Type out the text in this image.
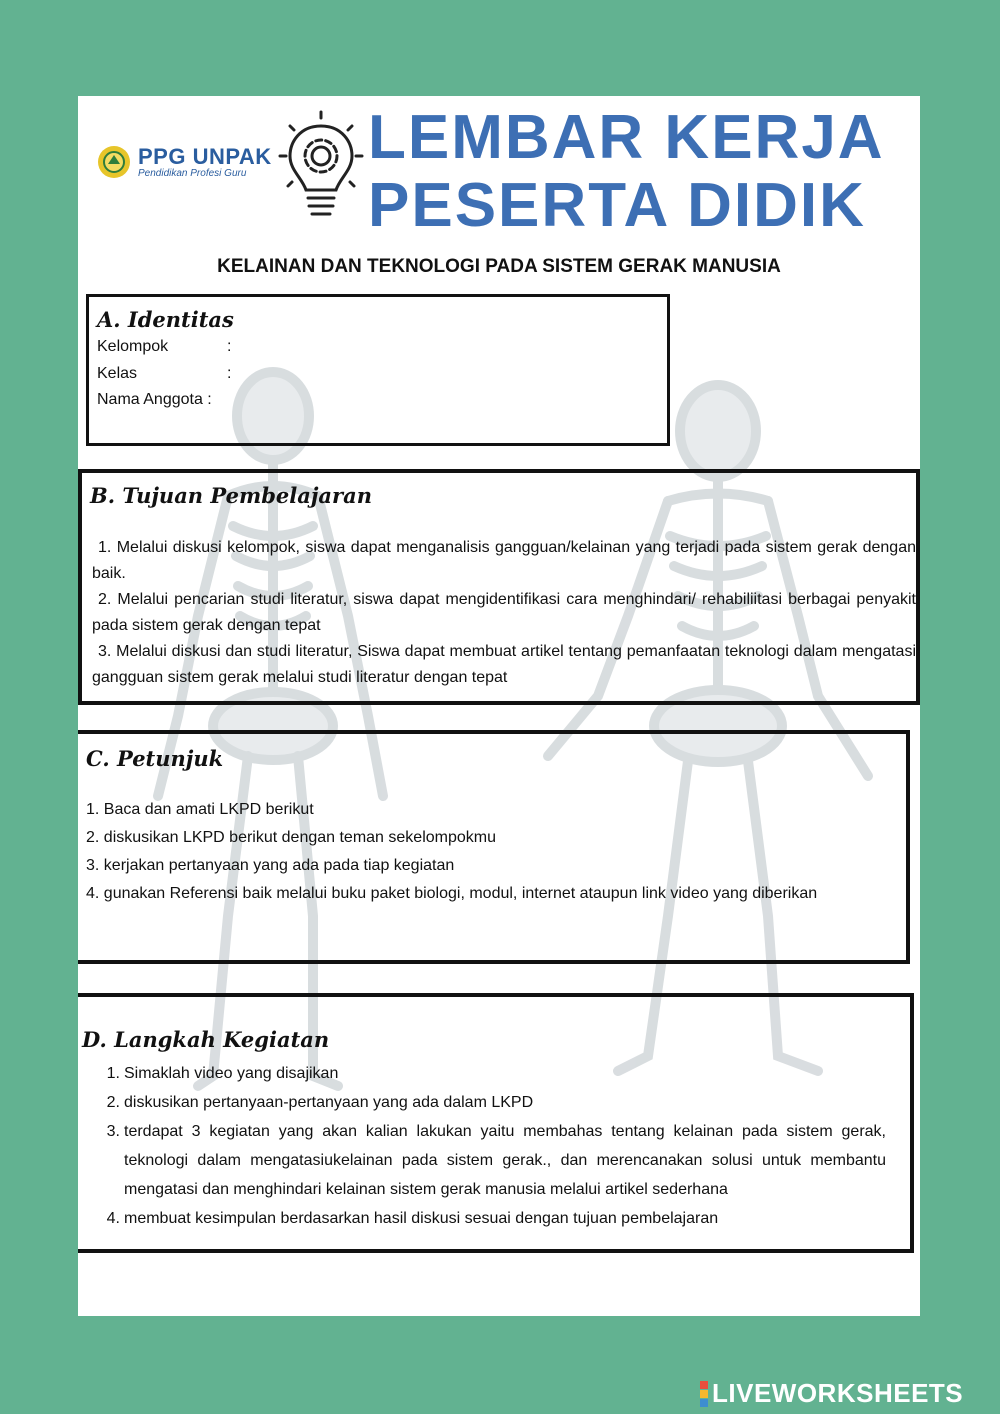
PPG UNPAK
Pendidikan Profesi Guru
LEMBAR KERJA
PESERTA DIDIK
KELAINAN DAN TEKNOLOGI PADA SISTEM GERAK MANUSIA
A. Identitas
Kelompok	:
Kelas	:
Nama Anggota :
B. Tujuan Pembelajaran
1. Melalui diskusi kelompok, siswa dapat menganalisis gangguan/kelainan yang terjadi pada sistem gerak dengan baik.
2. Melalui pencarian studi literatur, siswa dapat mengidentifikasi cara menghindari/ rehabiliitasi berbagai penyakit pada sistem gerak dengan tepat
3. Melalui diskusi dan studi literatur, Siswa dapat membuat artikel tentang pemanfaatan teknologi dalam mengatasi gangguan sistem gerak melalui studi literatur dengan tepat
C. Petunjuk
1. Baca dan amati LKPD berikut
2. diskusikan LKPD berikut dengan teman sekelompokmu
3. kerjakan pertanyaan yang ada pada tiap kegiatan
4. gunakan Referensi baik melalui buku paket biologi, modul, internet ataupun link video yang diberikan
D. Langkah Kegiatan
1. Simaklah video yang disajikan
2. diskusikan pertanyaan-pertanyaan yang ada dalam LKPD
3. terdapat 3 kegiatan yang akan kalian lakukan yaitu membahas tentang kelainan pada sistem gerak, teknologi dalam mengatasiukelainan pada sistem gerak., dan merencanakan solusi untuk membantu mengatasi dan menghindari kelainan sistem gerak manusia melalui artikel sederhana
4. membuat kesimpulan berdasarkan hasil diskusi sesuai dengan tujuan pembelajaran
LIVEWORKSHEETS
